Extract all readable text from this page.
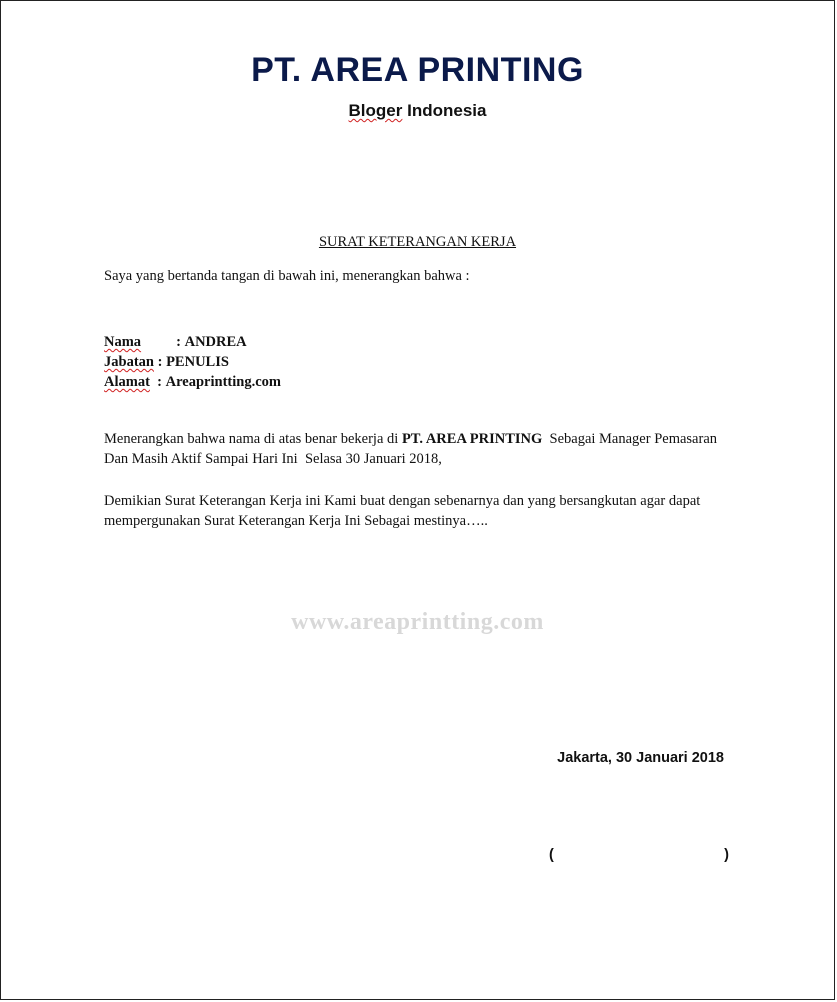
PT. AREA PRINTING
Bloger Indonesia
SURAT KETERANGAN KERJA
Saya yang bertanda tangan di bawah ini, menerangkan bahwa :
Nama	: ANDREA
Jabatan : PENULIS
Alamat : Areaprintting.com
Menerangkan bahwa nama di atas benar bekerja di PT. AREA PRINTING  Sebagai Manager Pemasaran Dan Masih Aktif Sampai Hari Ini  Selasa 30 Januari 2018,
Demikian Surat Keterangan Kerja ini Kami buat dengan sebenarnya dan yang bersangkutan agar dapat mempergunakan Surat Keterangan Kerja Ini Sebagai mestinya…..
www.areaprintting.com
Jakarta, 30 Januari 2018
(	)
